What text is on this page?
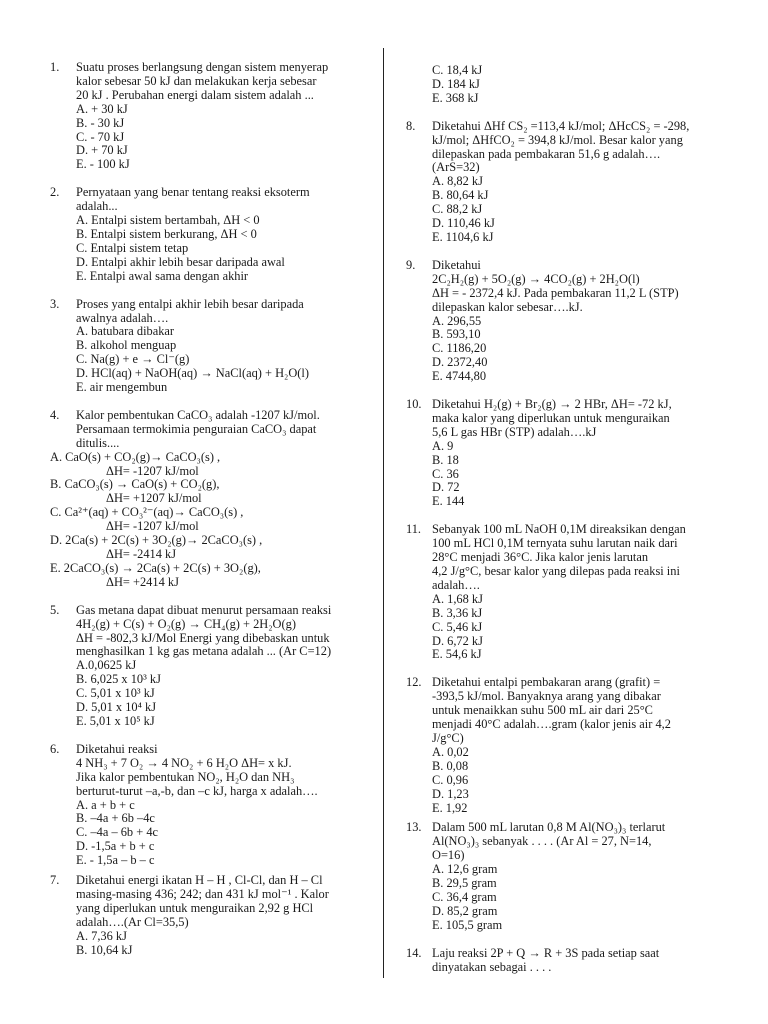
1. Suatu proses berlangsung dengan sistem menyerap
kalor sebesar 50 kJ dan melakukan kerja sebesar
20 kJ . Perubahan energi dalam sistem adalah ...
A. + 30 kJ
B. - 30 kJ
C. - 70 kJ
D. + 70 kJ
E. - 100 kJ
2. Pernyataan yang benar tentang reaksi eksoterm
adalah...
A. Entalpi sistem bertambah, ΔH < 0
B. Entalpi sistem berkurang, ΔH < 0
C. Entalpi sistem tetap
D. Entalpi akhir lebih besar daripada awal
E. Entalpi awal sama dengan akhir
3. Proses yang entalpi akhir lebih besar daripada
awalnya adalah….
A. batubara dibakar
B. alkohol menguap
C. Na(g) + e → Cl⁻(g)
D. HCl(aq) + NaOH(aq) → NaCl(aq) + H₂O(l)
E. air mengembun
4. Kalor pembentukan CaCO₃ adalah -1207 kJ/mol.
Persamaan termokimia penguraian CaCO₃ dapat
ditulis....
A. CaO(s) + CO₂(g)→ CaCO₃(s) ,
ΔH= -1207 kJ/mol
B. CaCO₃(s) → CaO(s) + CO₂(g),
ΔH= +1207 kJ/mol
C. Ca²⁺(aq) + CO₃²⁻(aq)→ CaCO₃(s) ,
ΔH= -1207 kJ/mol
D. 2Ca(s) + 2C(s) + 3O₂(g)→ 2CaCO₃(s) ,
ΔH= -2414 kJ
E. 2CaCO₃(s) → 2Ca(s) + 2C(s) + 3O₂(g),
ΔH= +2414 kJ
5. Gas metana dapat dibuat menurut persamaan reaksi
4H₂(g) + C(s) + O₂(g) → CH₄(g) + 2H₂O(g)
ΔH = -802,3 kJ/Mol Energi yang dibebaskan untuk
menghasilkan 1 kg gas metana adalah ... (Ar C=12)
A.0,0625 kJ
B. 6,025 x 10³ kJ
C. 5,01 x 10³ kJ
D. 5,01 x 10⁴ kJ
E. 5,01 x 10⁵ kJ
6. Diketahui reaksi
4 NH₃ + 7 O₂ → 4 NO₂ + 6 H₂O ΔH= x kJ.
Jika kalor pembentukan NO₂, H₂O dan NH₃
berturut-turut –a,-b, dan –c kJ, harga x adalah….
A. a + b + c
B. –4a + 6b –4c
C. –4a – 6b + 4c
D. -1,5a + b + c
E. - 1,5a – b – c
7. Diketahui energi ikatan H – H , Cl-Cl, dan H – Cl
masing-masing 436; 242; dan 431 kJ mol⁻¹ . Kalor
yang diperlukan untuk menguraikan 2,92 g HCl
adalah….(Ar Cl=35,5)
A. 7,36 kJ
B. 10,64 kJ
C. 18,4 kJ
D. 184 kJ
E. 368 kJ
8. Diketahui ΔHf CS₂ =113,4 kJ/mol; ΔHcCS₂ = -298,
kJ/mol; ΔHfCO₂ = 394,8 kJ/mol. Besar kalor yang
dilepaskan pada pembakaran 51,6 g adalah….
(ArS=32)
A. 8,82 kJ
B. 80,64 kJ
C. 88,2 kJ
D. 110,46 kJ
E. 1104,6 kJ
9. Diketahui
2C₂H₂(g) + 5O₂(g) → 4CO₂(g) + 2H₂O(l)
ΔH = - 2372,4 kJ. Pada pembakaran 11,2 L (STP)
dilepaskan kalor sebesar….kJ.
A. 296,55
B. 593,10
C. 1186,20
D. 2372,40
E. 4744,80
10. Diketahui H₂(g) + Br₂(g) → 2 HBr, ΔH= -72 kJ,
maka kalor yang diperlukan untuk menguraikan
5,6 L gas HBr (STP) adalah….kJ
A. 9
B. 18
C. 36
D. 72
E. 144
11. Sebanyak 100 mL NaOH 0,1M direaksikan dengan
100 mL HCl 0,1M ternyata suhu larutan naik dari
28°C menjadi 36°C. Jika kalor jenis larutan
4,2 J/g°C, besar kalor yang dilepas pada reaksi ini
adalah….
A. 1,68 kJ
B. 3,36 kJ
C. 5,46 kJ
D. 6,72 kJ
E. 54,6 kJ
12. Diketahui entalpi pembakaran arang (grafit) =
-393,5 kJ/mol. Banyaknya arang yang dibakar
untuk menaikkan suhu 500 mL air dari 25°C
menjadi 40°C adalah….gram (kalor jenis air 4,2
J/g°C)
A. 0,02
B. 0,08
C. 0,96
D. 1,23
E. 1,92
13. Dalam 500 mL larutan 0,8 M Al(NO₃)₃ terlarut
Al(NO₃)₃ sebanyak . . . . (Ar Al = 27, N=14,
O=16)
A. 12,6 gram
B. 29,5 gram
C. 36,4 gram
D. 85,2 gram
E. 105,5 gram
14. Laju reaksi 2P + Q → R + 3S pada setiap saat
dinyatakan sebagai . . . .
